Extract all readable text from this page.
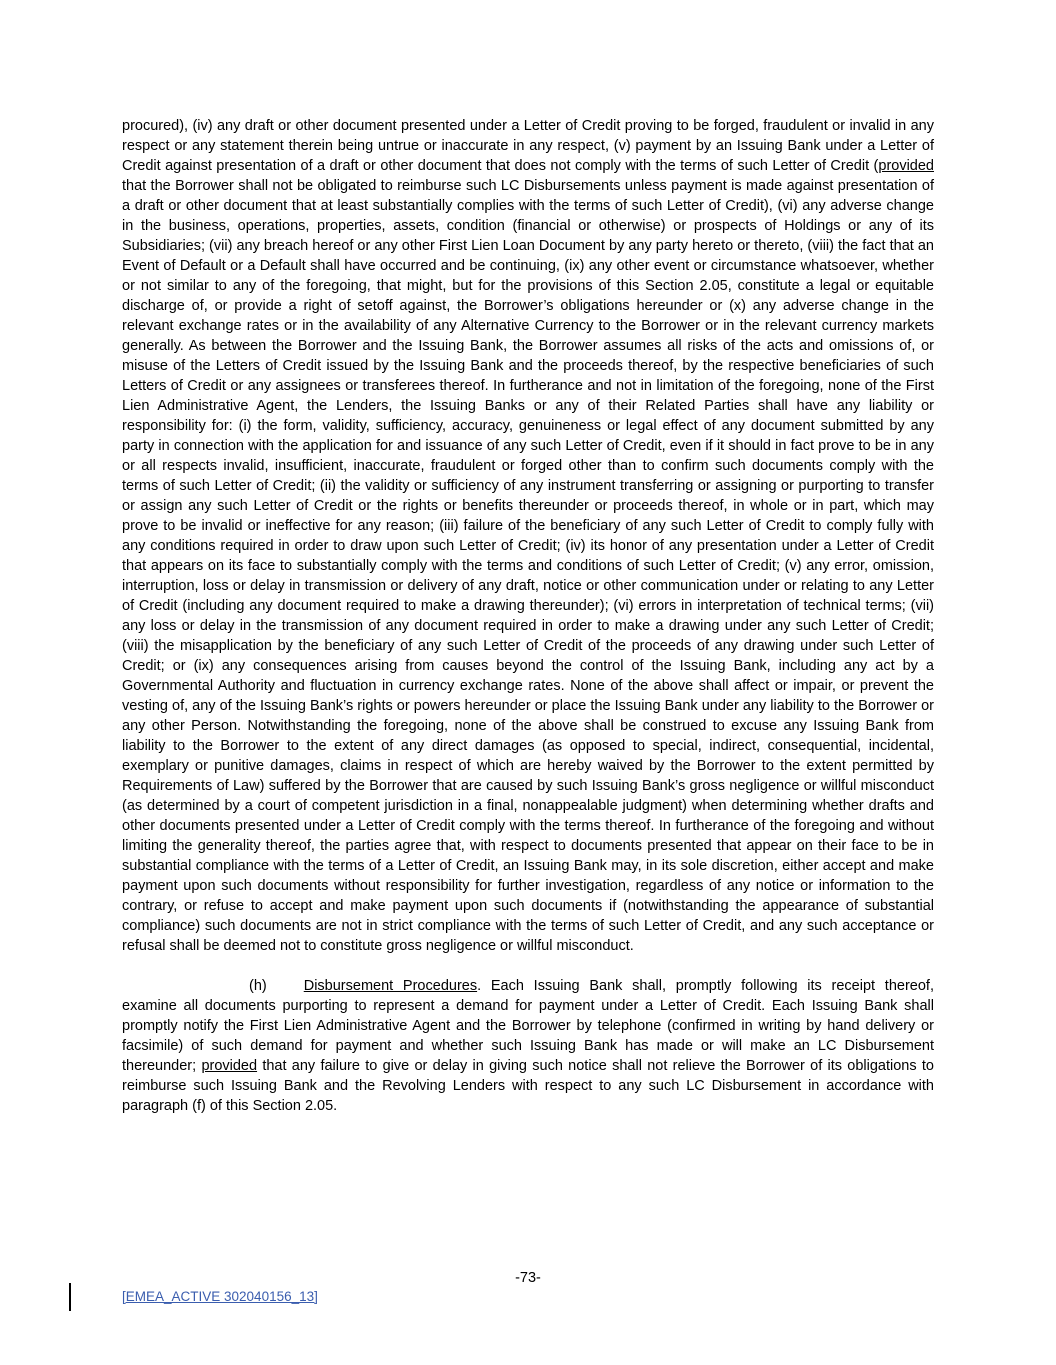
procured), (iv) any draft or other document presented under a Letter of Credit proving to be forged, fraudulent or invalid in any respect or any statement therein being untrue or inaccurate in any respect, (v) payment by an Issuing Bank under a Letter of Credit against presentation of a draft or other document that does not comply with the terms of such Letter of Credit (provided that the Borrower shall not be obligated to reimburse such LC Disbursements unless payment is made against presentation of a draft or other document that at least substantially complies with the terms of such Letter of Credit), (vi) any adverse change in the business, operations, properties, assets, condition (financial or otherwise) or prospects of Holdings or any of its Subsidiaries; (vii) any breach hereof or any other First Lien Loan Document by any party hereto or thereto, (viii) the fact that an Event of Default or a Default shall have occurred and be continuing, (ix) any other event or circumstance whatsoever, whether or not similar to any of the foregoing, that might, but for the provisions of this Section 2.05, constitute a legal or equitable discharge of, or provide a right of setoff against, the Borrower’s obligations hereunder or (x) any adverse change in the relevant exchange rates or in the availability of any Alternative Currency to the Borrower or in the relevant currency markets generally. As between the Borrower and the Issuing Bank, the Borrower assumes all risks of the acts and omissions of, or misuse of the Letters of Credit issued by the Issuing Bank and the proceeds thereof, by the respective beneficiaries of such Letters of Credit or any assignees or transferees thereof. In furtherance and not in limitation of the foregoing, none of the First Lien Administrative Agent, the Lenders, the Issuing Banks or any of their Related Parties shall have any liability or responsibility for: (i) the form, validity, sufficiency, accuracy, genuineness or legal effect of any document submitted by any party in connection with the application for and issuance of any such Letter of Credit, even if it should in fact prove to be in any or all respects invalid, insufficient, inaccurate, fraudulent or forged other than to confirm such documents comply with the terms of such Letter of Credit; (ii) the validity or sufficiency of any instrument transferring or assigning or purporting to transfer or assign any such Letter of Credit or the rights or benefits thereunder or proceeds thereof, in whole or in part, which may prove to be invalid or ineffective for any reason; (iii) failure of the beneficiary of any such Letter of Credit to comply fully with any conditions required in order to draw upon such Letter of Credit; (iv) its honor of any presentation under a Letter of Credit that appears on its face to substantially comply with the terms and conditions of such Letter of Credit; (v) any error, omission, interruption, loss or delay in transmission or delivery of any draft, notice or other communication under or relating to any Letter of Credit (including any document required to make a drawing thereunder); (vi) errors in interpretation of technical terms; (vii) any loss or delay in the transmission of any document required in order to make a drawing under any such Letter of Credit; (viii) the misapplication by the beneficiary of any such Letter of Credit of the proceeds of any drawing under such Letter of Credit; or (ix) any consequences arising from causes beyond the control of the Issuing Bank, including any act by a Governmental Authority and fluctuation in currency exchange rates. None of the above shall affect or impair, or prevent the vesting of, any of the Issuing Bank’s rights or powers hereunder or place the Issuing Bank under any liability to the Borrower or any other Person. Notwithstanding the foregoing, none of the above shall be construed to excuse any Issuing Bank from liability to the Borrower to the extent of any direct damages (as opposed to special, indirect, consequential, incidental, exemplary or punitive damages, claims in respect of which are hereby waived by the Borrower to the extent permitted by Requirements of Law) suffered by the Borrower that are caused by such Issuing Bank’s gross negligence or willful misconduct (as determined by a court of competent jurisdiction in a final, nonappealable judgment) when determining whether drafts and other documents presented under a Letter of Credit comply with the terms thereof. In furtherance of the foregoing and without limiting the generality thereof, the parties agree that, with respect to documents presented that appear on their face to be in substantial compliance with the terms of a Letter of Credit, an Issuing Bank may, in its sole discretion, either accept and make payment upon such documents without responsibility for further investigation, regardless of any notice or information to the contrary, or refuse to accept and make payment upon such documents if (notwithstanding the appearance of substantial compliance) such documents are not in strict compliance with the terms of such Letter of Credit, and any such acceptance or refusal shall be deemed not to constitute gross negligence or willful misconduct.

(h)	Disbursement Procedures. Each Issuing Bank shall, promptly following its receipt thereof, examine all documents purporting to represent a demand for payment under a Letter of Credit. Each Issuing Bank shall promptly notify the First Lien Administrative Agent and the Borrower by telephone (confirmed in writing by hand delivery or facsimile) of such demand for payment and whether such Issuing Bank has made or will make an LC Disbursement thereunder; provided that any failure to give or delay in giving such notice shall not relieve the Borrower of its obligations to reimburse such Issuing Bank and the Revolving Lenders with respect to any such LC Disbursement in accordance with paragraph (f) of this Section 2.05.

-73-
[EMEA_ACTIVE 302040156_13]
